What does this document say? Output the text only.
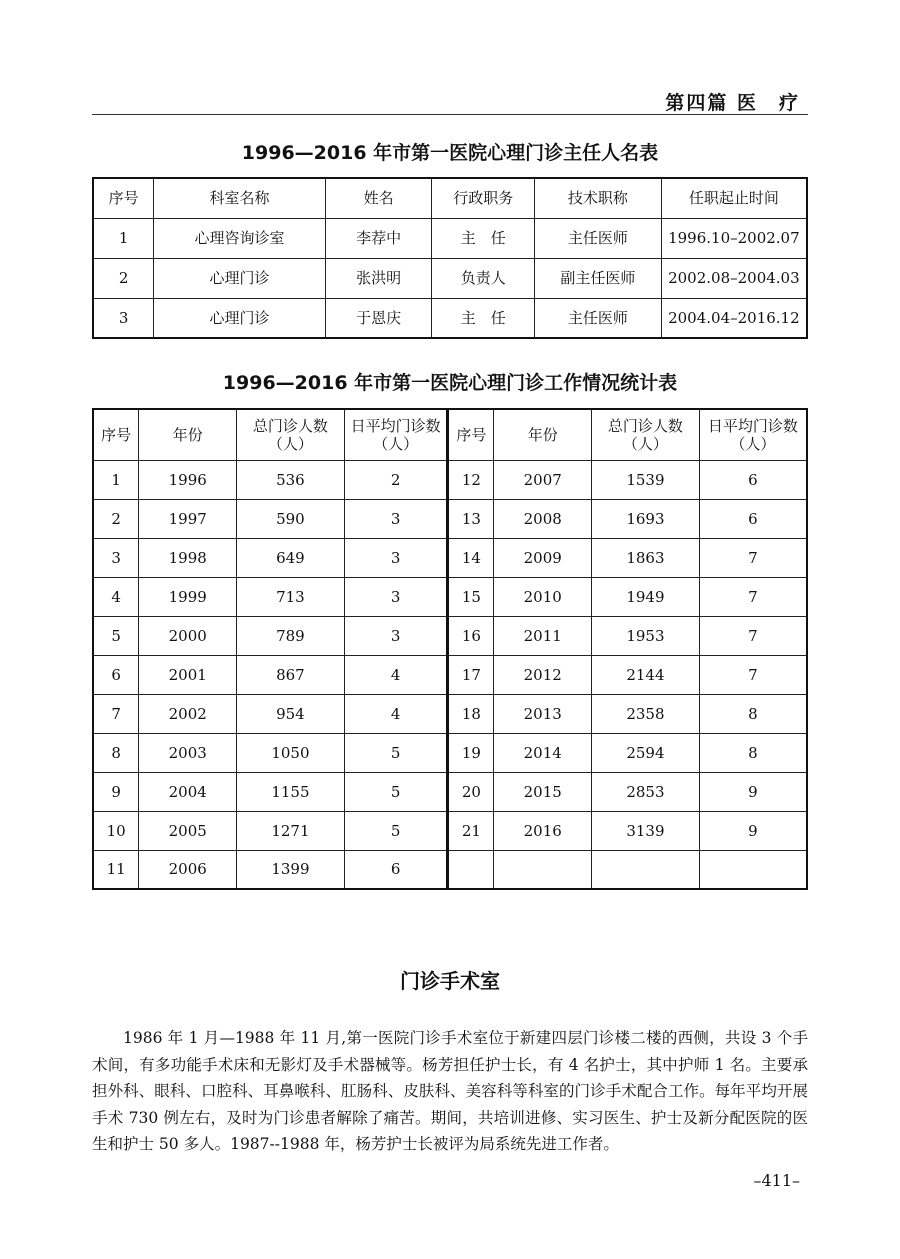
第四篇 医　疗
1996—2016 年市第一医院心理门诊主任人名表
序号	科室名称	姓名	行政职务	技术职称	任职起止时间
1	心理咨询诊室	李荐中	主　任	主任医师	1996.10–2002.07
2	心理门诊	张洪明	负责人	副主任医师	2002.08–2004.03
3	心理门诊	于恩庆	主　任	主任医师	2004.04–2016.12
1996—2016 年市第一医院心理门诊工作情况统计表
序号	年份	总门诊人数（人）	日平均门诊数（人）	序号	年份	总门诊人数（人）	日平均门诊数（人）
1	1996	536	2	12	2007	1539	6
2	1997	590	3	13	2008	1693	6
3	1998	649	3	14	2009	1863	7
4	1999	713	3	15	2010	1949	7
5	2000	789	3	16	2011	1953	7
6	2001	867	4	17	2012	2144	7
7	2002	954	4	18	2013	2358	8
8	2003	1050	5	19	2014	2594	8
9	2004	1155	5	20	2015	2853	9
10	2005	1271	5	21	2016	3139	9
11	2006	1399	6				
门诊手术室
1986 年 1 月—1988 年 11 月,第一医院门诊手术室位于新建四层门诊楼二楼的西侧，共设 3 个手术间，有多功能手术床和无影灯及手术器械等。杨芳担任护士长，有 4 名护士，其中护师 1 名。主要承担外科、眼科、口腔科、耳鼻喉科、肛肠科、皮肤科、美容科等科室的门诊手术配合工作。每年平均开展手术 730 例左右，及时为门诊患者解除了痛苦。期间，共培训进修、实习医生、护士及新分配医院的医生和护士 50 多人。1987--1988 年，杨芳护士长被评为局系统先进工作者。
–411–
